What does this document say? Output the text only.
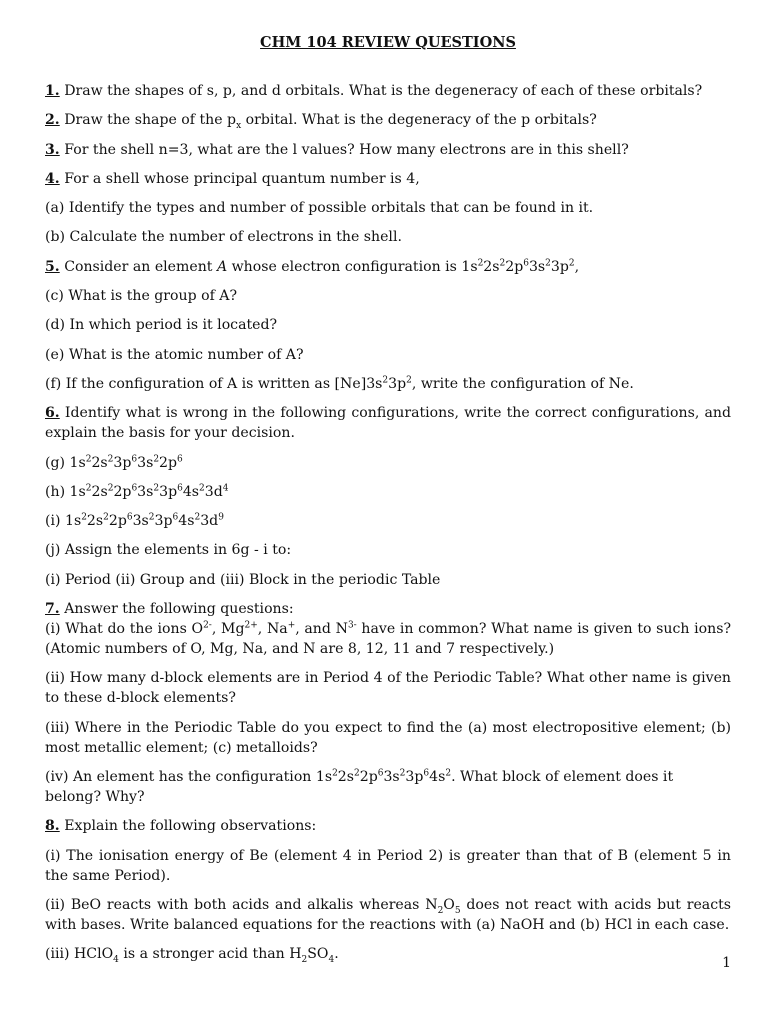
CHM 104 REVIEW QUESTIONS

1. Draw the shapes of s, p, and d orbitals. What is the degeneracy of each of these orbitals?

2. Draw the shape of the $p_x$ orbital. What is the degeneracy of the p orbitals?

3. For the shell n=3, what are the l values? How many electrons are in this shell?

4. For a shell whose principal quantum number is 4,

(a) Identify the types and number of possible orbitals that can be found in it.

(b) Calculate the number of electrons in the shell.

5. Consider an element A whose electron configuration is $1s^22s^22p^63s^23p^2$,

(c) What is the group of A?

(d) In which period is it located?

(e) What is the atomic number of A?

(f) If the configuration of A is written as $[Ne]3s^23p^2$, write the configuration of Ne.

6. Identify what is wrong in the following configurations, write the correct configurations, and explain the basis for your decision.

(g) $1s^22s^23p^63s^22p^6$

(h) $1s^22s^22p^63s^23p^64s^23d^4$

(i) $1s^22s^22p^63s^23p^64s^23d^9$

(j) Assign the elements in 6g - i to:

(i) Period (ii) Group and (iii) Block in the periodic Table

7. Answer the following questions:

(i) What do the ions $O^{2-}$, $Mg^{2+}$, Na+, and $N^{3-}$ have in common? What name is given to such ions? (Atomic numbers of O, Mg, Na, and N are 8, 12, 11 and 7 respectively.)

(ii) How many d-block elements are in Period 4 of the Periodic Table? What other name is given to these d-block elements?

(iii) Where in the Periodic Table do you expect to find the (a) most electropositive element; (b) most metallic element; (c) metalloids?

(iv) An element has the configuration $1s^22s^22p^63s^23p^64s^2$. What block of element does it belong? Why?

8. Explain the following observations:

(i) The ionisation energy of Be (element 4 in Period 2) is greater than that of B (element 5 in the same Period).

(ii) BeO reacts with both acids and alkalis whereas $N_2O_5$ does not react with acids but reacts with bases. Write balanced equations for the reactions with (a) NaOH and (b) HCl in each case.

(iii) HClO$_4$ is a stronger acid than $H_2SO_4$.

1
